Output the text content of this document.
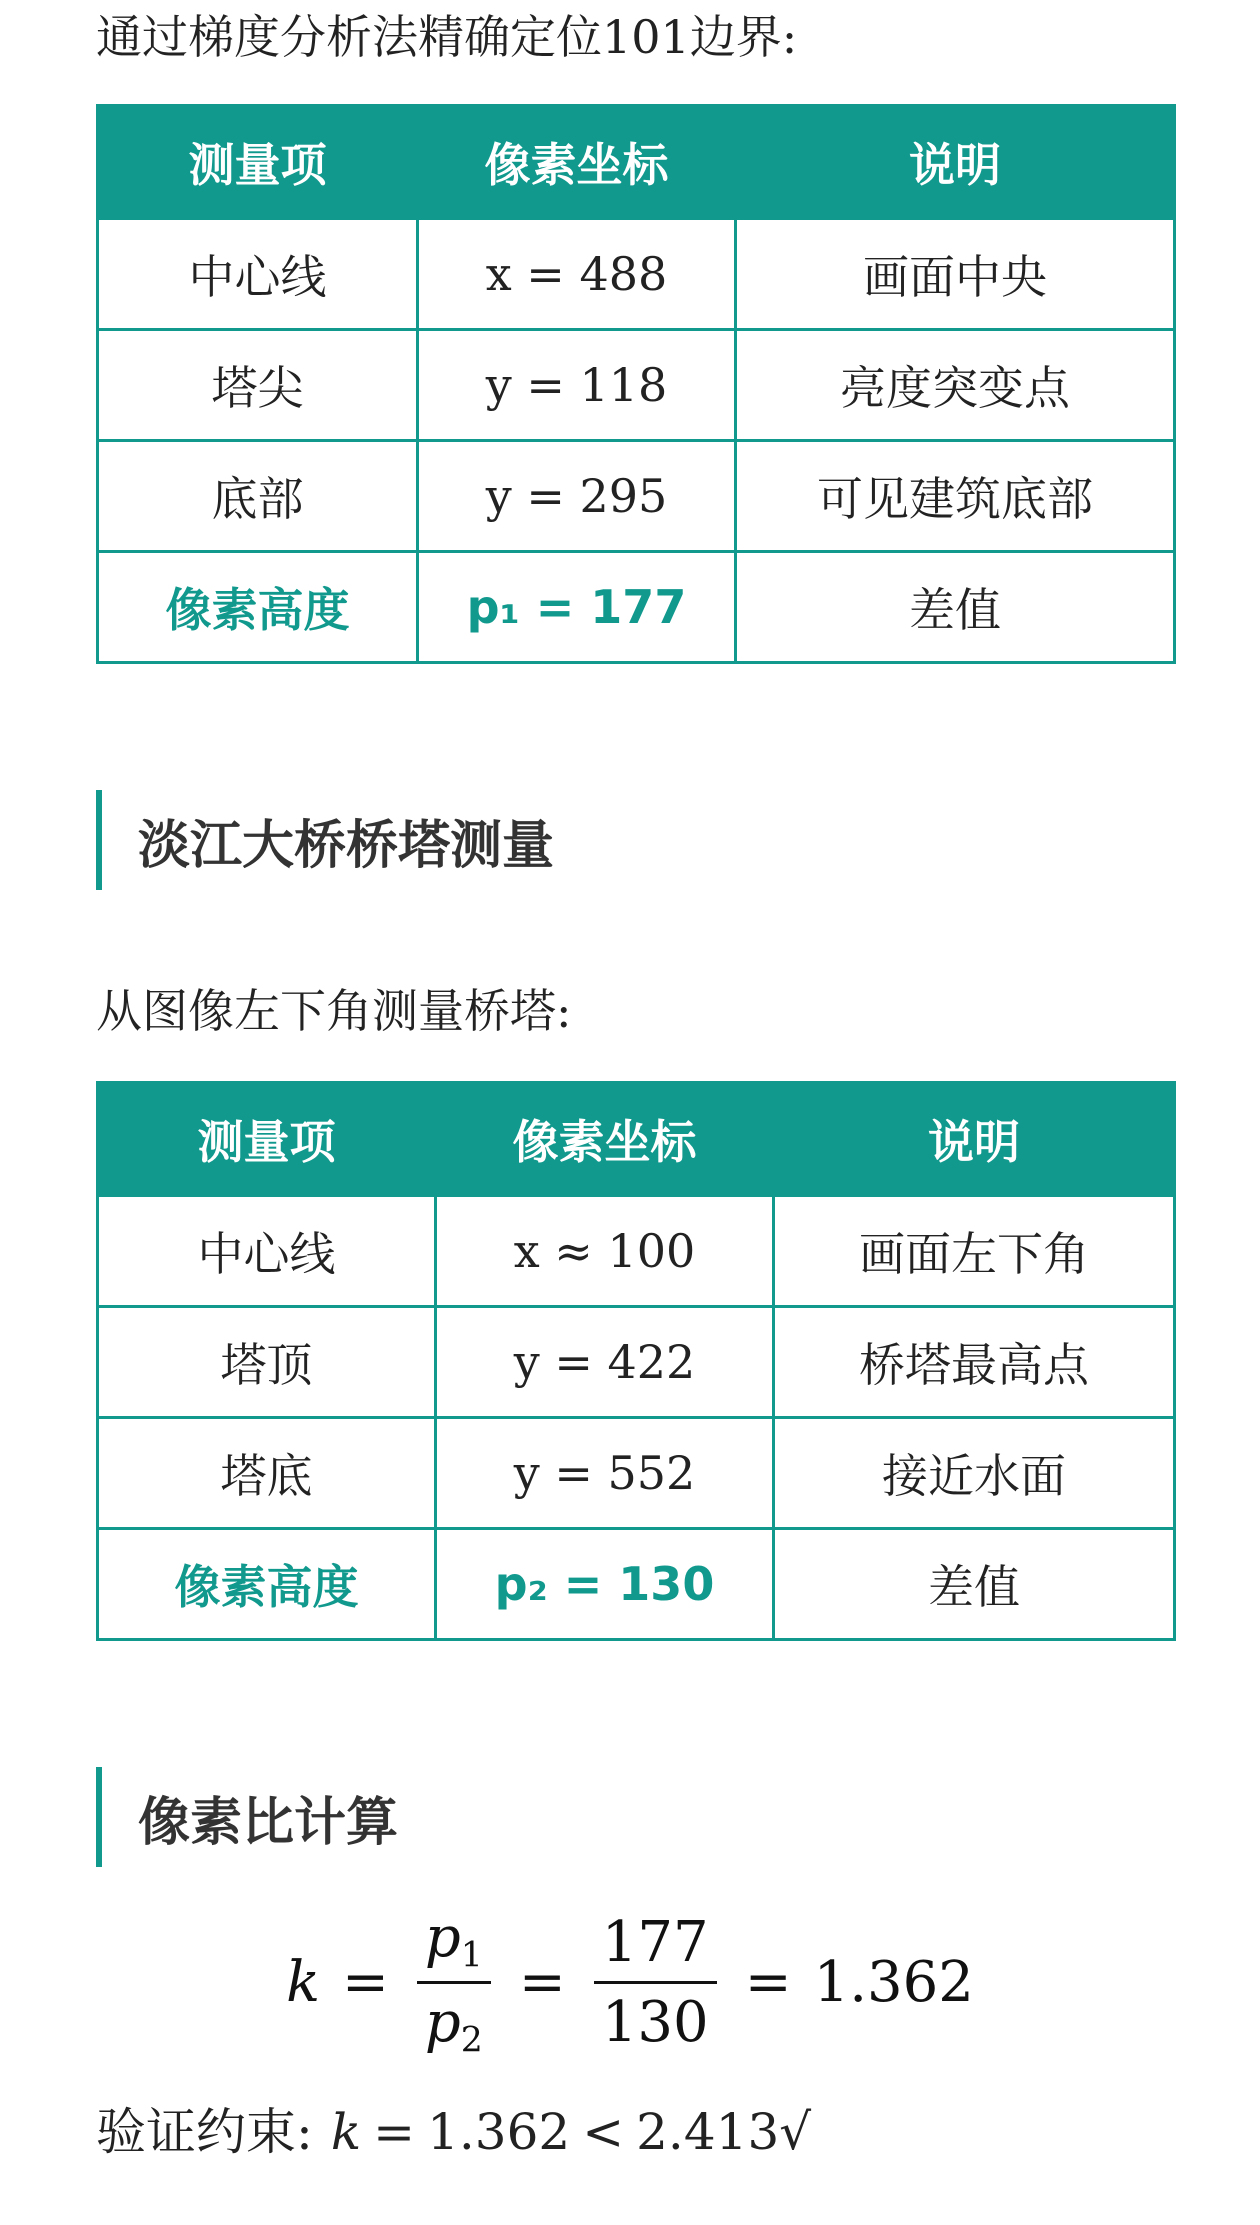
通过梯度分析法精确定位101边界:
测量项	像素坐标	说明
中心线	x = 488	画面中央
塔尖	y = 118	亮度突变点
底部	y = 295	可见建筑底部
像素高度	p₁ = 177	差值
淡江大桥桥塔测量
从图像左下角测量桥塔:
测量项	像素坐标	说明
中心线	x ≈ 100	画面左下角
塔顶	y = 422	桥塔最高点
塔底	y = 552	接近水面
像素高度	p₂ = 130	差值
像素比计算
$k = \frac{p_1}{p_2} = \frac{177}{130} = 1.362$
验证约束: k = 1.362 < 2.413√
